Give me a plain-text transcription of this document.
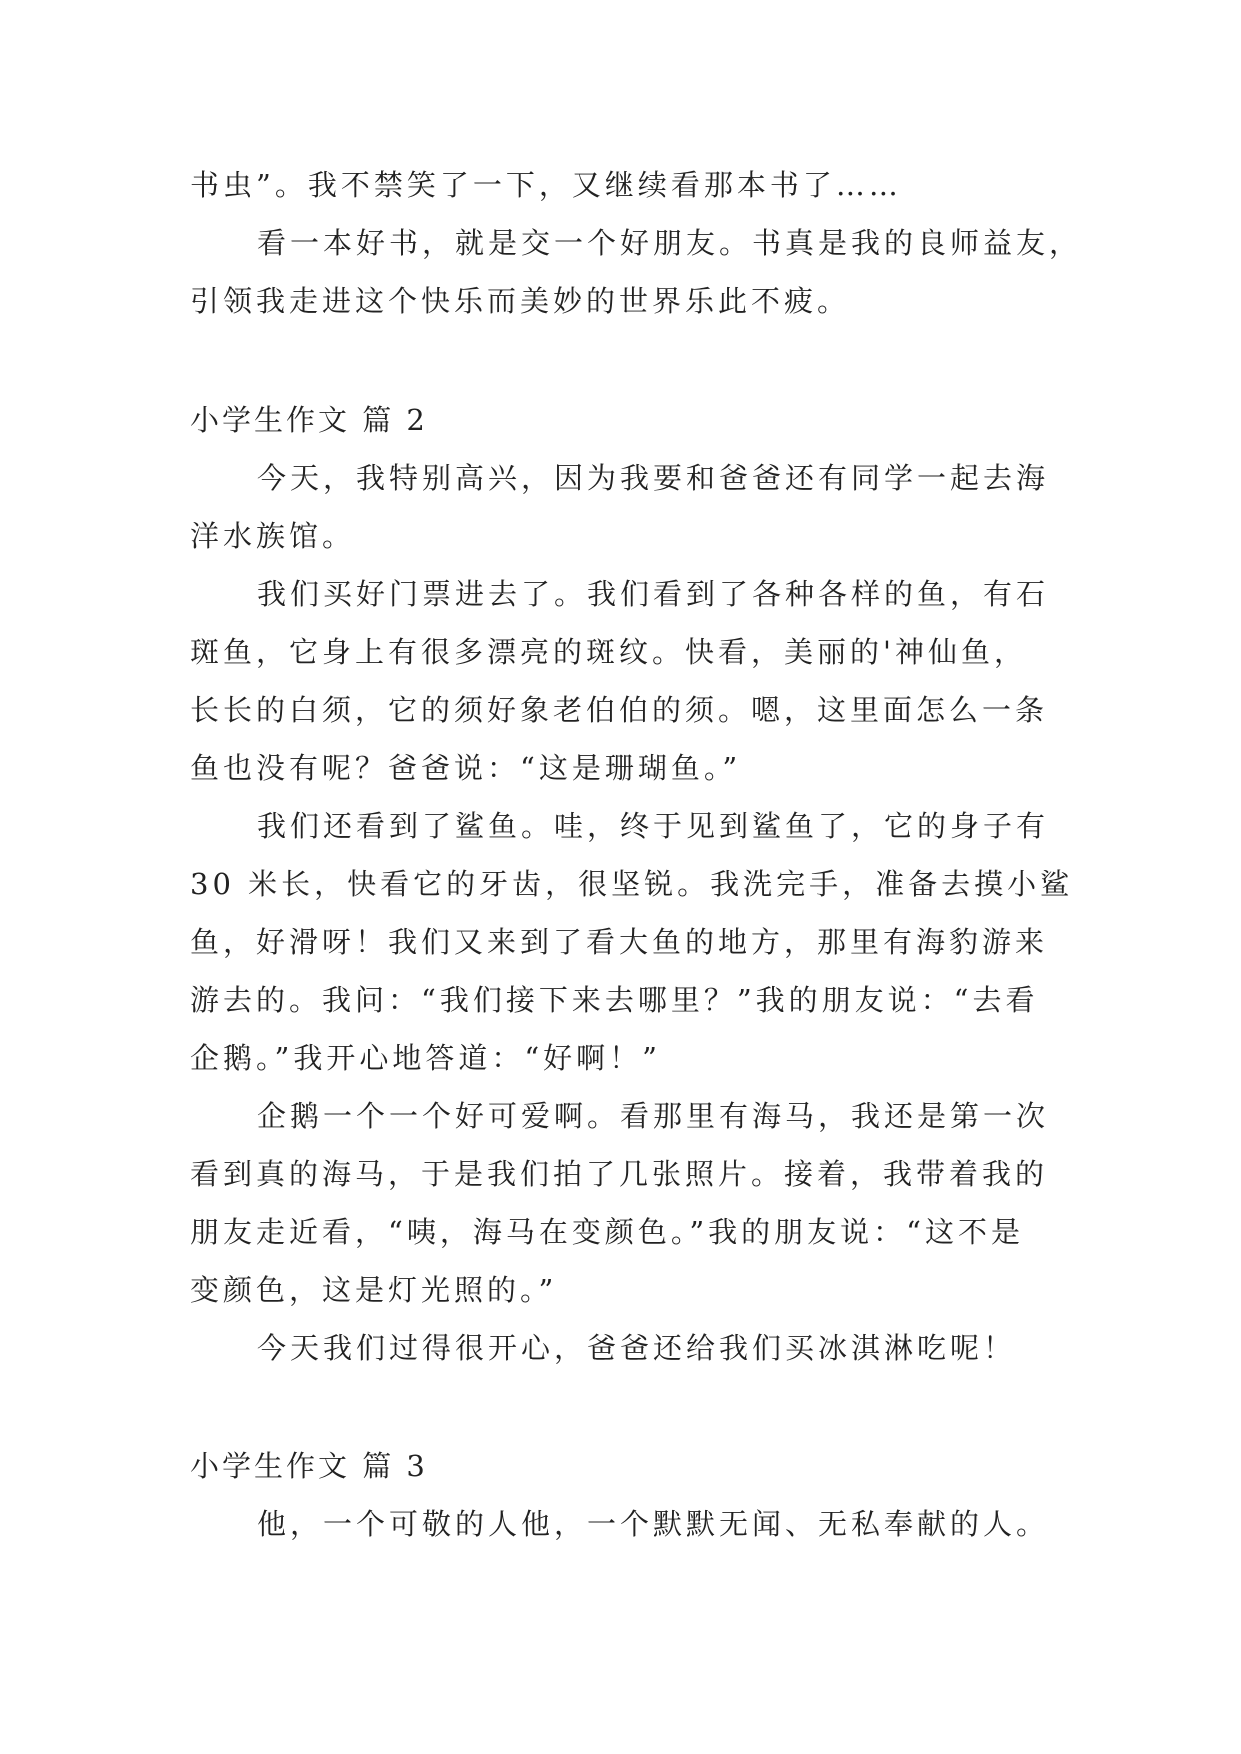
书虫”。我不禁笑了一下，又继续看那本书了……
看一本好书，就是交一个好朋友。书真是我的良师益友，
引领我走进这个快乐而美妙的世界乐此不疲。
小学生作文 篇 2
今天，我特别高兴，因为我要和爸爸还有同学一起去海
洋水族馆。
我们买好门票进去了。我们看到了各种各样的鱼，有石
斑鱼，它身上有很多漂亮的斑纹。快看，美丽的'神仙鱼，
长长的白须，它的须好象老伯伯的须。嗯，这里面怎么一条
鱼也没有呢？爸爸说：“这是珊瑚鱼。”
我们还看到了鲨鱼。哇，终于见到鲨鱼了，它的身子有
30 米长，快看它的牙齿，很坚锐。我洗完手，准备去摸小鲨
鱼，好滑呀！我们又来到了看大鱼的地方，那里有海豹游来
游去的。我问：“我们接下来去哪里？”我的朋友说：“去看
企鹅。”我开心地答道：“好啊！”
企鹅一个一个好可爱啊。看那里有海马，我还是第一次
看到真的海马，于是我们拍了几张照片。接着，我带着我的
朋友走近看，“咦，海马在变颜色。”我的朋友说：“这不是
变颜色，这是灯光照的。”
今天我们过得很开心，爸爸还给我们买冰淇淋吃呢！
小学生作文 篇 3
他，一个可敬的人他，一个默默无闻、无私奉献的人。
